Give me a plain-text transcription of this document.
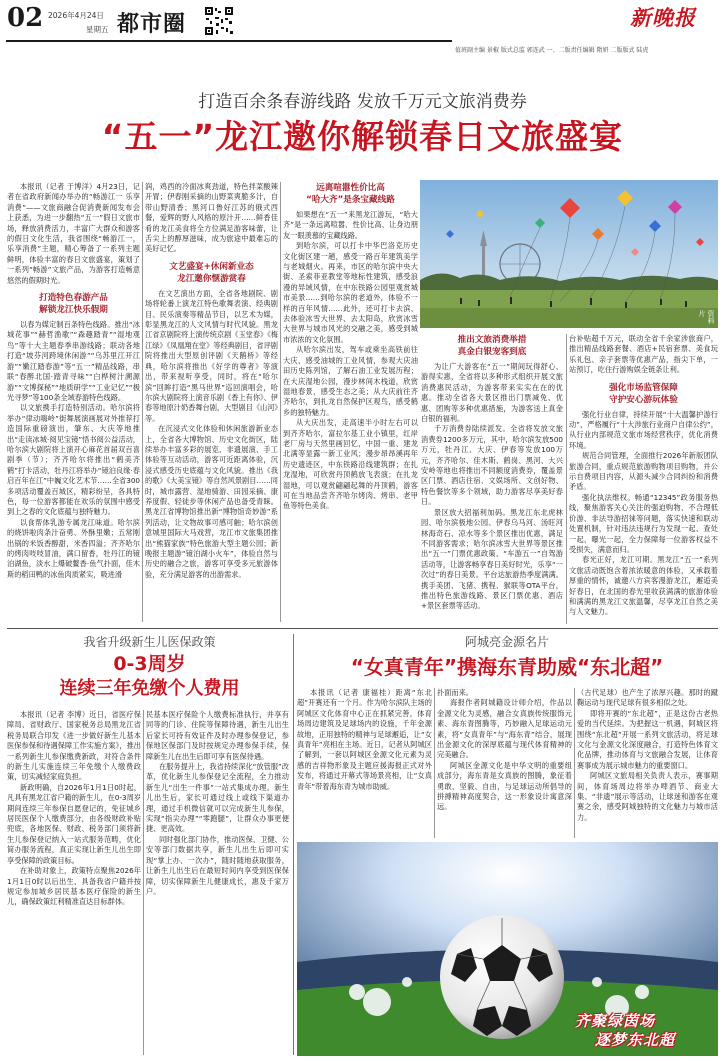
02 2026年4月24日
星期五 都市圈	新晚报
值班副主编 景椒 版式总监 郭连武 一、二版责任编辑 隋妍 二版版式 陆虎
打造百余条春游线路 发放千万元文旅消费券
“五一”龙江邀你解锁春日文旅盛宴

本报讯（记者 于博洋）4月23日，记者在省政府新闻办举办的“畅游江一 乐享消费”——文旅商融合促消费新闻发布会上获悉，为进一步翻热“五一”假日文旅市场，释放消费活力，丰富广大群众和游客的假日文化生活，我省围绕“畅游江一，乐享消费”主题，精心筹备了一系列主题鲜明，体验丰富的春日文旅盛宴，策划了一系列“畅游”文旅产品，为游客打造畅意悠然的假期时光。

打造特色春游产品
解锁龙江快乐假期

以春为媒定制百条特色线路。推出“冰城花事”“赫哲渔歌”“森趣踏青”“湿地观鸟”等十大主题春季串游线路；联动各地打造“坡芬河跨境休闲游”“乌苏里江开江游”“嫩江踏春游”等“五一”精品线路，串联“春醉北国·踏青寻味”“白桦树汁溯源游”“文博探秘”“地质研学”“工业记忆”“极光寻梦”等100条全域春游特色线路。

以文旅携手打造特别活动。哈尔滨将举办“律动嗨岭”街舞展演画展对外推荐打造国际重磅演出，肇东、大庆等地推出“走读冰城·阅见宝镜”悟书阅公益活动，哈尔滨大剧院将上演开心麻花首届双百喜剧季（节）；齐齐哈尔将推出“鹤美齐鹤”打卡活动，牡丹江将举办“镜泊良缘·春启百年在江”中巍文化艺术节……全省300多项活动覆盖百城区，精彩纷呈，各具特色，每一位游客都能在欢乐的氛围中感受到上之春的文化底蕴与独特魅力。

以食帮体乳游专属龙江味道。哈尔滨的烧饼啦肉条汁奋勇、外酥里嫩；五常刚出锅的米饭香醇甜，米香四溢；齐齐哈尔的烤肉吱吱冒油，满口留香，牡丹江的镜泊湖鱼，淡水上爆破鳌香·鱼气扑面，佳木斯的稻田鸭的冰鱼肉质紧实，吸进滑

润，鸡西的冷面冰爽劲道，特色拌菜酸辣开胃；伊春刚采摘的山野菜爽脆多汁，自带山野清香；黑河口鲁好江苏的俄式西餐，爱辉的野人风格的原汁开……鲜香佳肴的龙江美食将全方位满足游客味蕾，让舌尖上的醇厚滋味，成为旅途中最难忘的美好记忆。

文艺盛宴+休闲新业态
龙江邀你惬游赏春

在文艺演出方面，全省各地剧院、剧场将轮番上演龙江特色歌舞表演、经典剧目、民乐演奏等精品节目，以艺术为媒，彰显黑龙江的人文风情与时代风貌。黑龙江省京剧院将上演传统京剧《玉堂春》《梅江绿》《凤凰翔在堂》等经典剧目，省评剧院将推出大型原创评剧《天鹅桥》等经典，哈尔滨将推出《好学的尊者》等演出，带来视听享受，同时，将在“哈尔滨”回眸打造“黑马世界”巡回演唱会，哈尔滨大剧院将上演音乐剧《香上有你》、伊春等地原汁奶香舞台剧，大型剧目《山河》等。

在沉浸式文化体验和休闲旅游新业态上，全省各大博物馆、历史文化街区，陆续举办丰富多彩的展览、非遗展演、手工体验等互动活动，游客可近距离体验，沉浸式感受历史底蕴与文化风貌。推出《我的歌》《大美宝镜》等自然风景剧目……同时，城市露营、湿地骑游、田园采摘、康养度假、轻徒步等休闲产品也备受青睐。黑龙江省博物馆推出新“博物馆奇妙游”系列活动，让文物故事可感可触；哈尔滨创意城里国际大马戏营，龙江市文旅集团推出“熊猫家族”特色旅游大型主题公园；新晚报主题游“镜泊湖小火车”，体验自然与历史的融合之旅，游客可享受多元旅游体验，充分满足游客的出游需求。

远离喧嚣性价比高
“哈大齐”是条宝藏线路

如果想在“五一”来黑龙江游玩，“哈大齐”是一条远离喧嚣、性价比高、让身边朋友一眼羡慕的宝藏线路。

到哈尔滨，可以打卡中华巴洛克历史文化街区建一趟，感受一路百年建筑美学与老城烟火。再来，市区的哈尔滨中央大街、圣索菲亚教堂等地标性建筑，感受浪漫的异域风情，在中东铁路公园里观赏城市美景……到哈尔滨的老道外，体验不一样的百年风情……此外，还可打卡去滨、去体验冰雪大世界、去太阳岛，欣赏冰雪大世界与城市风光的交融之美，感受到城市浓浓的文化氛围。

从哈尔滨出发，驾车或乘坐高铁前往大庆，感受油城的工业风情，参观大庆油田历史陈列馆，了解石油工业发展历程；在大庆湿地公园，漫步林间木栈道，欣赏湿地春景，感受生态之美；从大庆前往齐齐哈尔，到扎龙自然保护区观鸟，感受鹤乡的独特魅力。

从大庆出发，走高速半小时左右可以到齐齐哈尔，富拉尔基工业小镇里，红岸老厂房与天然里画回忆，中国一重、建龙北满等显露一新工业风；漫步昂昂溪再年历史遗迹区，中东铁路沿线建筑群；在扎龙湿地，可欣赏丹顶鹤放飞表演；在扎龙湿地，可以观赏翩翩起舞的丹顶鹤，游客可在当地品尝齐齐哈尔烤肉、烤串、老甲鱼等特色美食。

资料片
推出文旅消费举措
真金白银宠客到底

为让广大游客在“五一”期间玩得舒心、游得实惠，全省将以多种形式组织开展文旅消费惠民活动，为游客带来实实在在的优惠。推动全省各大景区推出门票减免、优惠、团购等多种优惠措施，为游客送上真金白银的福利。

千万消费券陆续派发。全省将发放文旅消费券1200多万元，其中，哈尔滨发放500万元，牡丹江、大庆、伊春等发放100万元，齐齐哈尔、佳木斯、鹤岗、黑河、大兴安岭等地也将推出不同额度消费券，覆盖景区门票、酒店住宿、文娱场所、文创好物、特色餐饮等多个领域，助力游客尽享美好春日。

景区放大招福利加码。黑龙江东北虎林园、哈尔滨极地公园、伊春乌马河、汤旺河林海奇石、凉水等多个景区推出优惠，满足不同游客需求；哈尔滨冰雪大世界等景区推出“五一”门票优惠政策、“车游五一”自驾游活动等，让游客畅享春日美好时光，乐享“一次过”的春日美景。平台达旅游热季度满满。携手美团、飞猪、携程、猴联等OTA平台，推出特色旅游线路、景区门票优惠、酒店+景区套票等活动。

台补贴超千万元，联动全省千余家涉旅商户，推出精品线路套餐、酒店+民宿套票、美食玩乐礼包、亲子套票等优惠产品，指尖下单，一站预订，吃住行游购娱全链条让利。

强化市场监管保障
守护安心游玩体验

强化行业自律，持续开展“十大温馨护游行动”，严格履行“十大涉旅行业商户自律公约”，从行业内部规范文旅市场经营秩序，优化消费环境。

规范合同管理，全面推行2026年新版团队旅游合同，重点规范旅游购物项目购物，并公示自费项目内容，从源头减少合同纠纷和消费矛盾。

强化执法维权。畅通“12345”政务服务热线，聚焦游客关心关注的强迫购物、不合理低价游、非法导游招徕等问题，落实快速和联动处置机制，针对违法违规行为发现一起、查处一起、曝光一起，全力保障每一位游客权益不受损失，满意而归。

春光正好，龙江可期。黑龙江“五一”系列文旅活动既饱含着浓浓暖意的体验，又承载着厚重的情怀，诚邀八方宾客漫游龙江，邂逅美好春日，在北国的春光里收获满满的旅游体验和满满的黑龙江文旅温馨，尽享龙江自然之美与人文魅力。

我省升级新生儿医保政策
0-3周岁
连续三年免缴个人费用

本报讯（记者 李博）近日，省医疗保障局、省财政厅、国家税务总局黑龙江省税务局联合印发《进一步做好新生儿基本医保参保和待遇保障工作实施方案》，推出一系列新生儿参保缴费新政，对符合条件的新生儿实施连续三年免缴个人缴费政策，切实减轻家庭负担。

新政明确，自2026年1月1日0时起，凡具有黑龙江省户籍的新生儿，在0-3周岁期间连续三年参保自愿登记的，免征城乡居民医保个人缴费部分，由各级财政补贴兜底，各地医保、财政、税务部门须将新生儿参保登记纳入一站式服务范畴，优化简办服务流程，真正实现让新生儿出生即享受保障的政策目标。

在补助对象上，政策特点聚焦2026年1月1日0时以后出生、具备我省户籍并按规定参加城乡居民基本医疗保险的新生儿，确保政策红利精准直达目标群体。

民基本医疗保险个人缴费标准执行，并享有同等的门诊、住院等保障待遇，新生儿出生后家长可持有效证件及时办理参保登记，参保地区保部门及时按规定办理参保手续，保障新生儿在出生后即可享有医保待遇。

在服务提升上，我省持续深化“放管服”改革，优化新生儿参保登记全流程，全力推动新生儿“出生一件事”一站式集成办理。新生儿出生后，家长可通过线上或线下渠道办理，通过手机微信就可以完成新生儿参保，实现“指尖办理”“零跑腿”，让群众办事更便捷、更高效。

同时强化部门协作，推动医保、卫健、公安等部门数据共享，新生儿出生后即可实现“掌上办、一次办”，随时随地获取服务，让新生儿出生后在最短时间内享受到医保保障，切实保障新生儿健康成长，惠及千家万户。

阿城亮金源名片
“女真青年”携海东青助威“东北超”

本报讯（记者 康福桂）距离“东北超”开赛还有一个月。作为哈尔滨队主场的阿城区文化体育中心正在抓紧完善，体育场周边建筑及足球场内的设施，千年金源故地，正用独特的精神与足球邂逅，让“女真青年”亮相在主场。近日，记者从阿城区了解到，一套以阿城区金源文化元素为灵感的吉祥物形象及主题应援海报正式对外发布，将通过开幕式等场景亮相，让“女真青年”带着海东青为城市助威。

扑面而来。

海报作者阿城籍设计师介绍，作品以金源文化为灵感，融合女真族传统服饰元素、海东青图腾等，巧妙融入足球运动元素，将“女真青年”与“海东青”结合，展现出金源文化的深厚底蕴与现代体育精神的完美融合。

阿城区金源文化是中华文明的重要组成部分，海东青是女真族的图腾，象征着勇敢、坚毅、自由，与足球运动所倡导的拼搏精神高度契合，这一形象设计寓意深远。

（古代足球）也产生了浓厚兴趣。那时的蹴鞠运动与现代足球有很多相似之处。

即将开赛的“东北超”，正是这份古老热爱的当代延续。为把握这一机遇，阿城区将围绕“东北超”开展一系列文旅活动，将足球文化与金源文化深度融合，打造特色体育文化品牌，推动体育与文旅融合发展，让体育赛事成为展示城市魅力的重要窗口。

阿城区文旅局相关负责人表示，赛事期间，体育场周边将举办啤酒节、商业大集、“非遗”展示等活动，让球迷和游客在观赛之余，感受阿城独特的文化魅力与城市活力。

齐聚绿茵场
逐梦东北超
